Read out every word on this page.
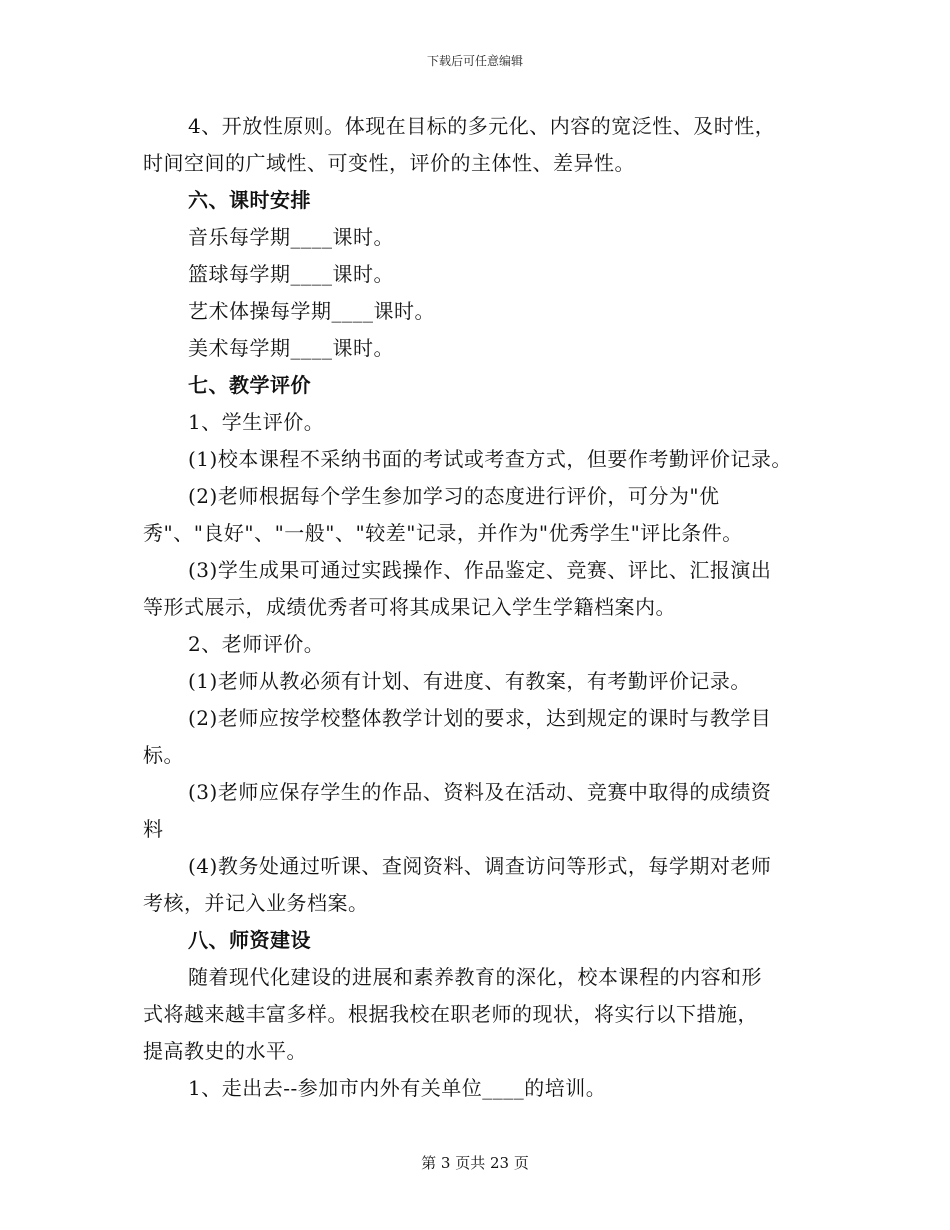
下载后可任意编辑
4、开放性原则。体现在目标的多元化、内容的宽泛性、及时性，
时间空间的广域性、可变性，评价的主体性、差异性。
六、课时安排
音乐每学期____课时。
篮球每学期____课时。
艺术体操每学期____课时。
美术每学期____课时。
七、教学评价
1、学生评价。
(1)校本课程不采纳书面的考试或考查方式，但要作考勤评价记录。
(2)老师根据每个学生参加学习的态度进行评价，可分为"优
秀"、"良好"、"一般"、"较差"记录，并作为"优秀学生"评比条件。
(3)学生成果可通过实践操作、作品鉴定、竞赛、评比、汇报演出
等形式展示，成绩优秀者可将其成果记入学生学籍档案内。
2、老师评价。
(1)老师从教必须有计划、有进度、有教案，有考勤评价记录。
(2)老师应按学校整体教学计划的要求，达到规定的课时与教学目
标。
(3)老师应保存学生的作品、资料及在活动、竞赛中取得的成绩资
料
(4)教务处通过听课、查阅资料、调查访问等形式，每学期对老师
考核，并记入业务档案。
八、师资建设
随着现代化建设的进展和素养教育的深化，校本课程的内容和形
式将越来越丰富多样。根据我校在职老师的现状，将实行以下措施，
提高教史的水平。
1、走出去--参加市内外有关单位____的培训。
第 3 页共 23 页
